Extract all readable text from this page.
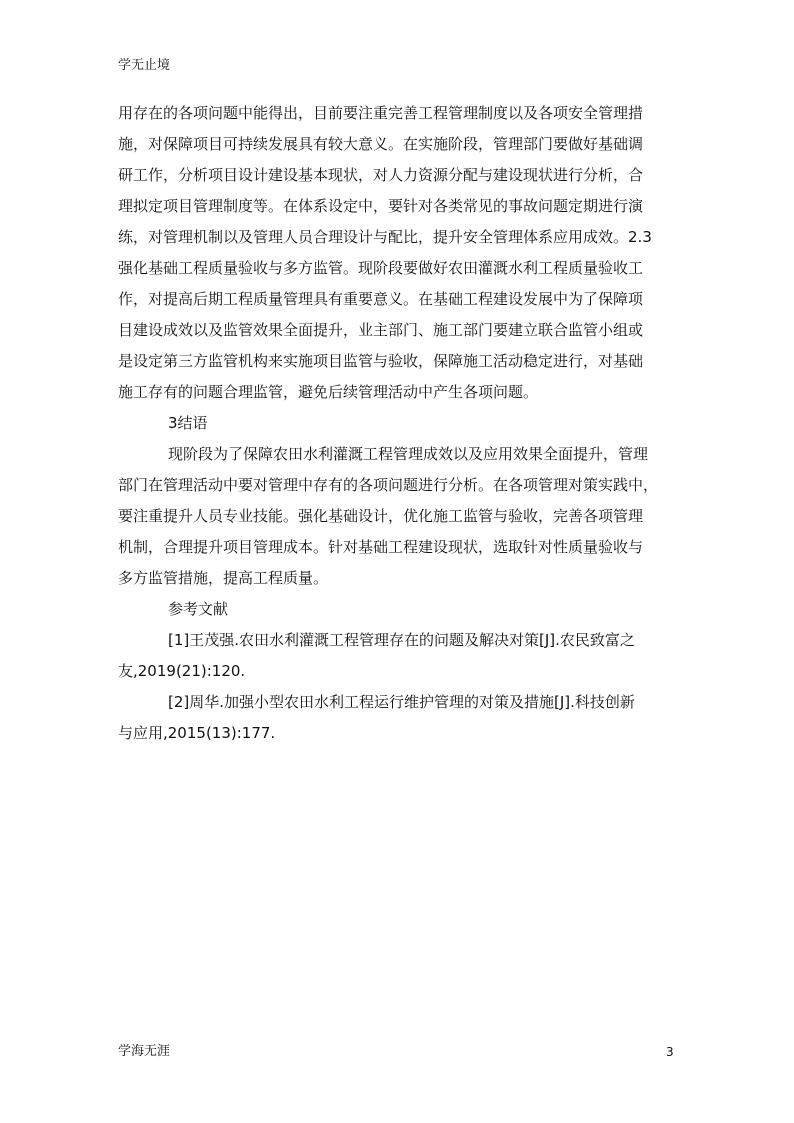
学无止境
用存在的各项问题中能得出，目前要注重完善工程管理制度以及各项安全管理措
施，对保障项目可持续发展具有较大意义。在实施阶段，管理部门要做好基础调
研工作，分析项目设计建设基本现状，对人力资源分配与建设现状进行分析，合
理拟定项目管理制度等。在体系设定中，要针对各类常见的事故问题定期进行演
练，对管理机制以及管理人员合理设计与配比，提升安全管理体系应用成效。2.3
强化基础工程质量验收与多方监管。现阶段要做好农田灌溉水利工程质量验收工
作，对提高后期工程质量管理具有重要意义。在基础工程建设发展中为了保障项
目建设成效以及监管效果全面提升，业主部门、施工部门要建立联合监管小组或
是设定第三方监管机构来实施项目监管与验收，保障施工活动稳定进行，对基础
施工存有的问题合理监管，避免后续管理活动中产生各项问题。
3结语
现阶段为了保障农田水利灌溉工程管理成效以及应用效果全面提升，管理
部门在管理活动中要对管理中存有的各项问题进行分析。在各项管理对策实践中，
要注重提升人员专业技能。强化基础设计，优化施工监管与验收，完善各项管理
机制，合理提升项目管理成本。针对基础工程建设现状，选取针对性质量验收与
多方监管措施，提高工程质量。
参考文献
[1]王茂强.农田水利灌溉工程管理存在的问题及解决对策[J].农民致富之
友,2019(21):120.
[2]周华.加强小型农田水利工程运行维护管理的对策及措施[J].科技创新
与应用,2015(13):177.
学海无涯	3
